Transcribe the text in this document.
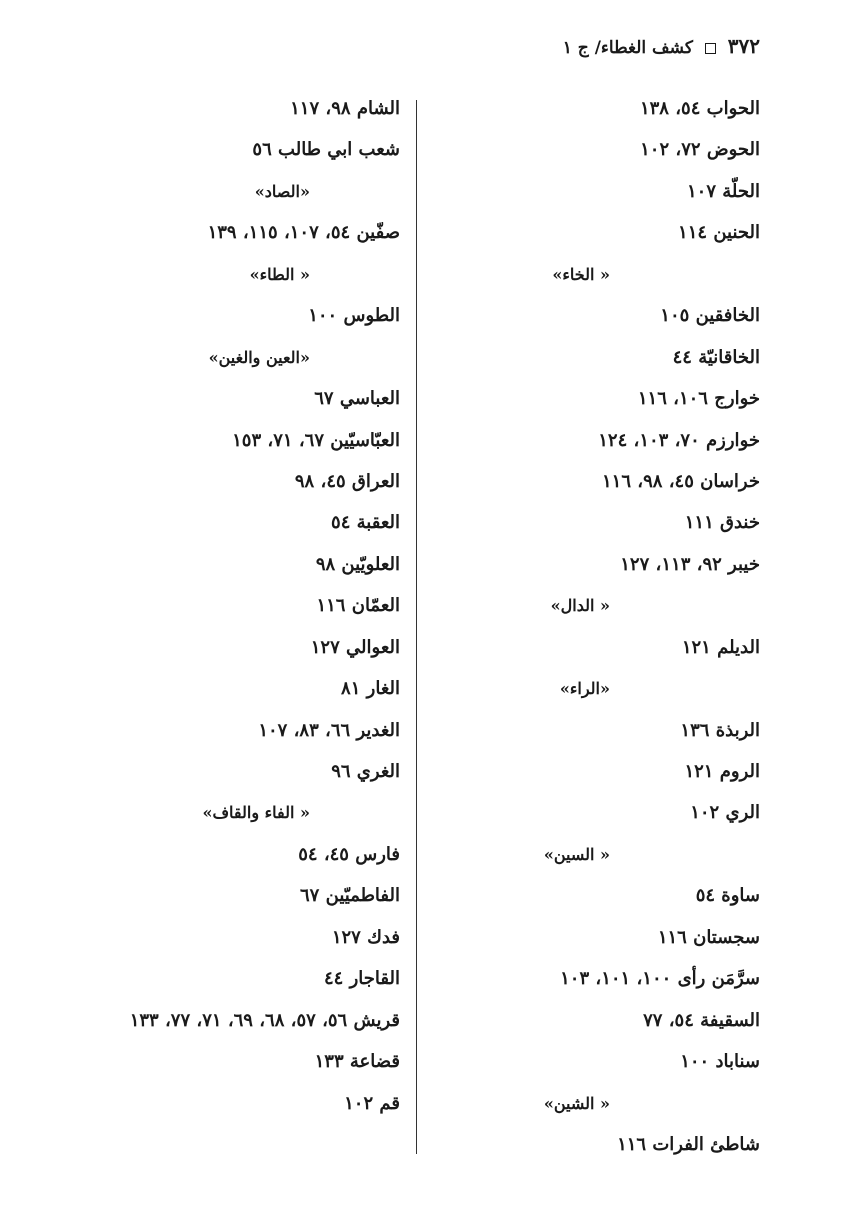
٣٧٢  كشف الغطاء/ ج ١
الحواب ٥٤، ١٣٨
الحوض ٧٢، ١٠٢
الحلّة ١٠٧
الحنين ١١٤
« الخاء»
الخافقين ١٠٥
الخاقانيّة ٤٤
خوارج ١٠٦، ١١٦
خوارزم ٧٠، ١٠٣، ١٢٤
خراسان ٤٥، ٩٨، ١١٦
خندق ١١١
خيبر ٩٢، ١١٣، ١٢٧
« الدال»
الديلم ١٢١
«الراء»
الربذة ١٣٦
الروم ١٢١
الري ١٠٢
« السين»
ساوة ٥٤
سجستان ١١٦
سرَّمَن رأى ١٠٠، ١٠١، ١٠٣
السقيفة ٥٤، ٧٧
سناباد ١٠٠
« الشين»
شاطئ الفرات ١١٦
الشام ٩٨، ١١٧
شعب ابي طالب ٥٦
«الصاد»
صفّين ٥٤، ١٠٧، ١١٥، ١٣٩
« الطاء»
الطوس ١٠٠
«العين والغين»
العباسي ٦٧
العبّاسيّين ٦٧، ٧١، ١٥٣
العراق ٤٥، ٩٨
العقبة ٥٤
العلويّين ٩٨
العمّان ١١٦
العوالي ١٢٧
الغار ٨١
الغدير ٦٦، ٨٣، ١٠٧
الغري ٩٦
« الفاء والقاف»
فارس ٤٥، ٥٤
الفاطميّين ٦٧
فدك ١٢٧
القاجار ٤٤
قريش ٥٦، ٥٧، ٦٨، ٦٩، ٧١، ٧٧، ١٣٣
قضاعة ١٣٣
قم ١٠٢
